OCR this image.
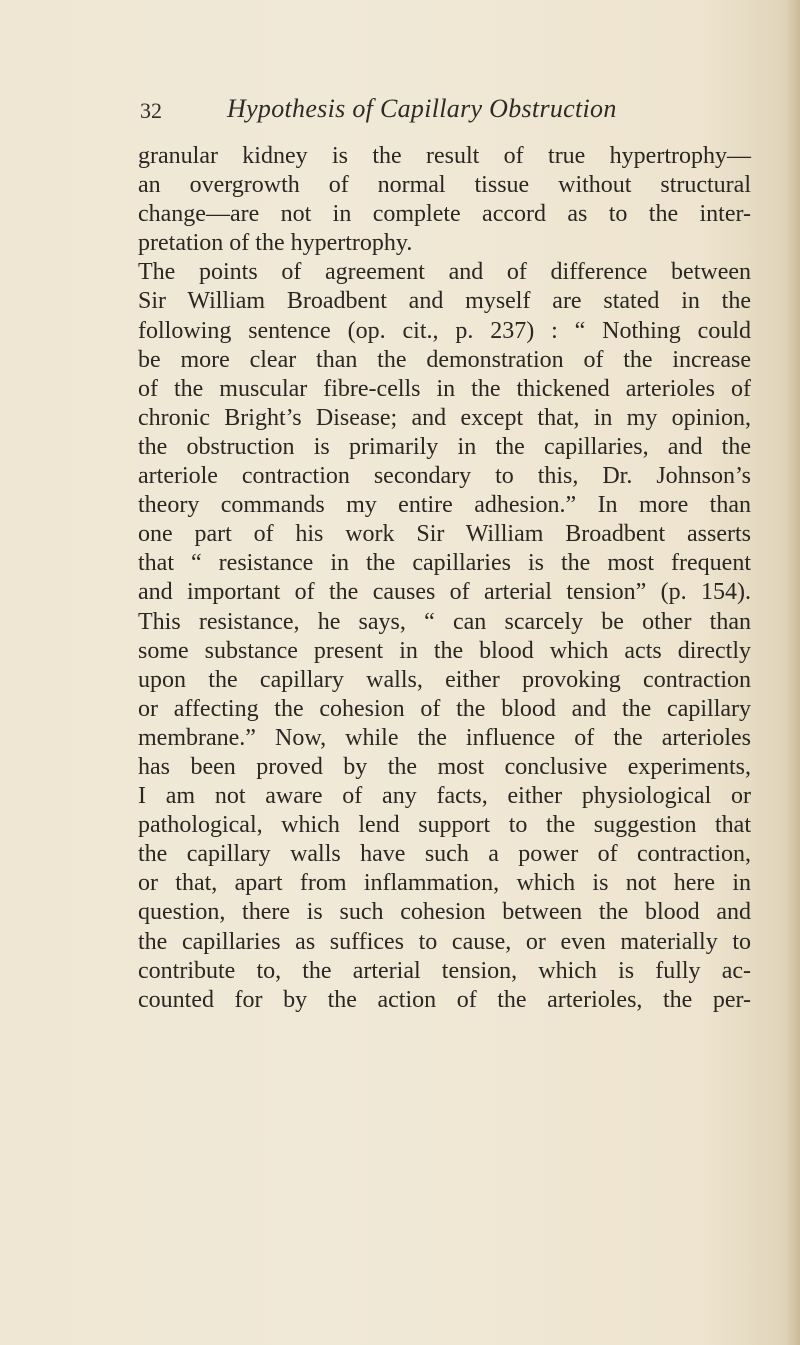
32	Hypothesis of Capillary Obstruction
granular kidney is the result of true hypertrophy—
an overgrowth of normal tissue without structural
change—are not in complete accord as to the inter-
pretation of the hypertrophy.
The points of agreement and of difference between
Sir William Broadbent and myself are stated in the
following sentence (op. cit., p. 237) : “ Nothing could
be more clear than the demonstration of the increase
of the muscular fibre-cells in the thickened arterioles of
chronic Bright’s Disease; and except that, in my opinion,
the obstruction is primarily in the capillaries, and the
arteriole contraction secondary to this, Dr. Johnson’s
theory commands my entire adhesion.” In more than
one part of his work Sir William Broadbent asserts
that “ resistance in the capillaries is the most frequent
and important of the causes of arterial tension” (p. 154).
This resistance, he says, “ can scarcely be other than
some substance present in the blood which acts directly
upon the capillary walls, either provoking contraction
or affecting the cohesion of the blood and the capillary
membrane.” Now, while the influence of the arterioles
has been proved by the most conclusive experiments,
I am not aware of any facts, either physiological or
pathological, which lend support to the suggestion that
the capillary walls have such a power of contraction,
or that, apart from inflammation, which is not here in
question, there is such cohesion between the blood and
the capillaries as suffices to cause, or even materially to
contribute to, the arterial tension, which is fully ac-
counted for by the action of the arterioles, the per-
